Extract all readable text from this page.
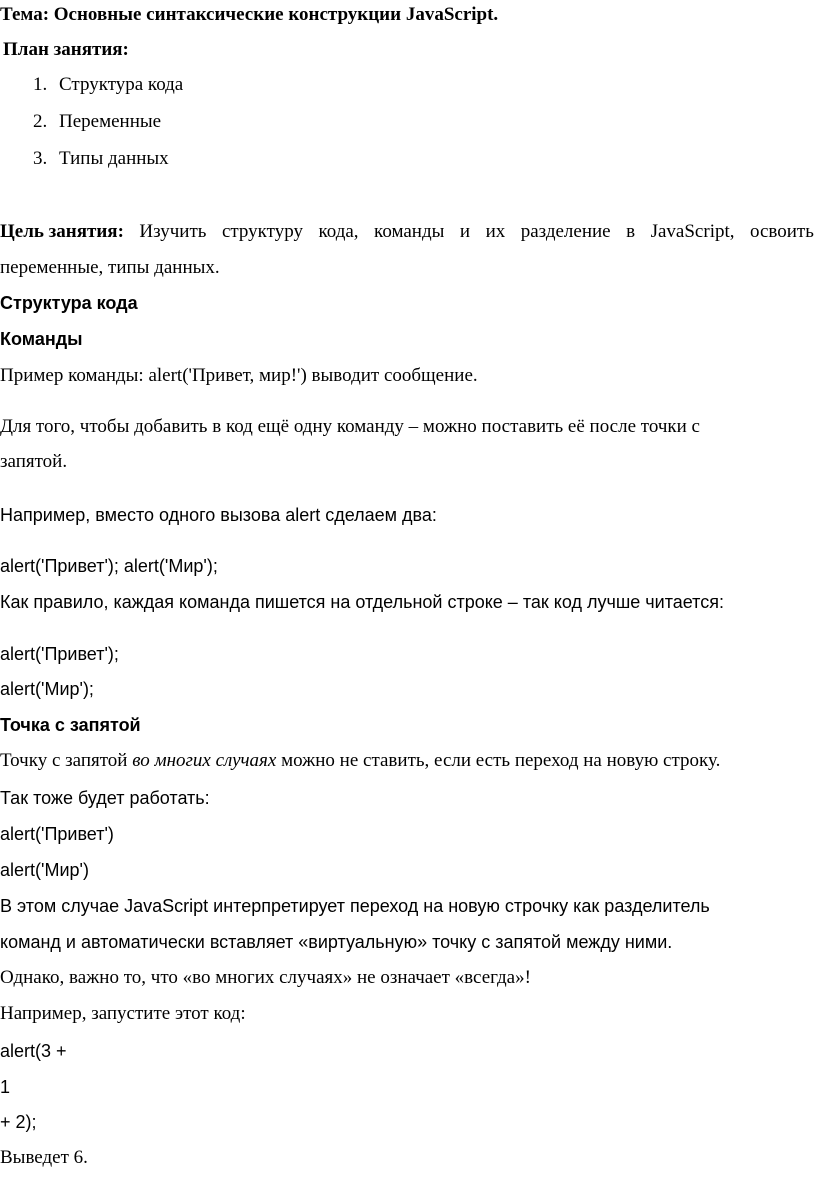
Тема: Основные синтаксические конструкции JavaScript.
План занятия:
1. Структура кода
2. Переменные
3. Типы данных
Цель занятия: Изучить структуру кода, команды и их разделение в JavaScript, освоить
переменные, типы данных.
Структура кода
Команды
Пример команды: alert('Привет, мир!') выводит сообщение.
Для того, чтобы добавить в код ещё одну команду – можно поставить её после точки с
запятой.
Например, вместо одного вызова alert сделаем два:
alert('Привет'); alert('Мир');
Как правило, каждая команда пишется на отдельной строке – так код лучше читается:
alert('Привет');
alert('Мир');
Точка с запятой
Точку с запятой во многих случаях можно не ставить, если есть переход на новую строку.
Так тоже будет работать:
alert('Привет')
alert('Мир')
В этом случае JavaScript интерпретирует переход на новую строчку как разделитель
команд и автоматически вставляет «виртуальную» точку с запятой между ними.
Однако, важно то, что «во многих случаях» не означает «всегда»!
Например, запустите этот код:
alert(3 +
1
+ 2);
Выведет 6.
